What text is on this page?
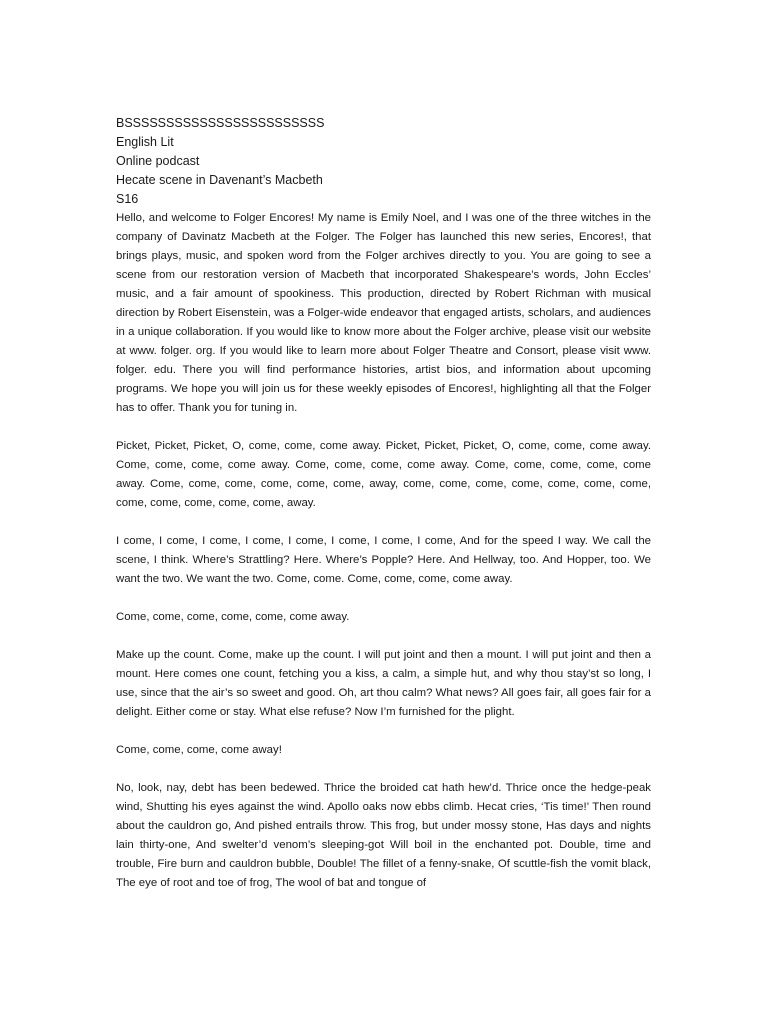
BSSSSSSSSSSSSSSSSSSSSSSSS

English Lit

Online podcast

Hecate scene in Davenant’s Macbeth

S16

Hello, and welcome to Folger Encores! My name is Emily Noel, and I was one of the three witches in the company of Davinatz Macbeth at the Folger. The Folger has launched this new series, Encores!, that brings plays, music, and spoken word from the Folger archives directly to you. You are going to see a scene from our restoration version of Macbeth that incorporated Shakespeare’s words, John Eccles’ music, and a fair amount of spookiness. This production, directed by Robert Richman with musical direction by Robert Eisenstein, was a Folger-wide endeavor that engaged artists, scholars, and audiences in a unique collaboration. If you would like to know more about the Folger archive, please visit our website at www. folger. org. If you would like to learn more about Folger Theatre and Consort, please visit www. folger. edu. There you will find performance histories, artist bios, and information about upcoming programs. We hope you will join us for these weekly episodes of Encores!, highlighting all that the Folger has to offer. Thank you for tuning in.

Picket, Picket, Picket, O, come, come, come away. Picket, Picket, Picket, O, come, come, come away. Come, come, come, come away. Come, come, come, come away. Come, come, come, come, come away. Come, come, come, come, come, come, away, come, come, come, come, come, come, come, come, come, come, come, come, away.

I come, I come, I come, I come, I come, I come, I come, I come, And for the speed I way. We call the scene, I think. Where’s Strattling? Here. Where’s Popple? Here. And Hellway, too. And Hopper, too. We want the two. We want the two. Come, come. Come, come, come, come away.

Come, come, come, come, come, come away.

Make up the count. Come, make up the count. I will put joint and then a mount. I will put joint and then a mount. Here comes one count, fetching you a kiss, a calm, a simple hut, and why thou stay’st so long, I use, since that the air’s so sweet and good. Oh, art thou calm? What news? All goes fair, all goes fair for a delight. Either come or stay. What else refuse? Now I’m furnished for the plight.

Come, come, come, come away!

No, look, nay, debt has been bedewed. Thrice the broided cat hath hew’d. Thrice once the hedge-peak wind, Shutting his eyes against the wind. Apollo oaks now ebbs climb. Hecat cries, ‘Tis time!’ Then round about the cauldron go, And pished entrails throw. This frog, but under mossy stone, Has days and nights lain thirty-one, And swelter’d venom’s sleeping-got Will boil in the enchanted pot. Double, time and trouble, Fire burn and cauldron bubble, Double! The fillet of a fenny-snake, Of scuttle-fish the vomit black, The eye of root and toe of frog, The wool of bat and tongue of
